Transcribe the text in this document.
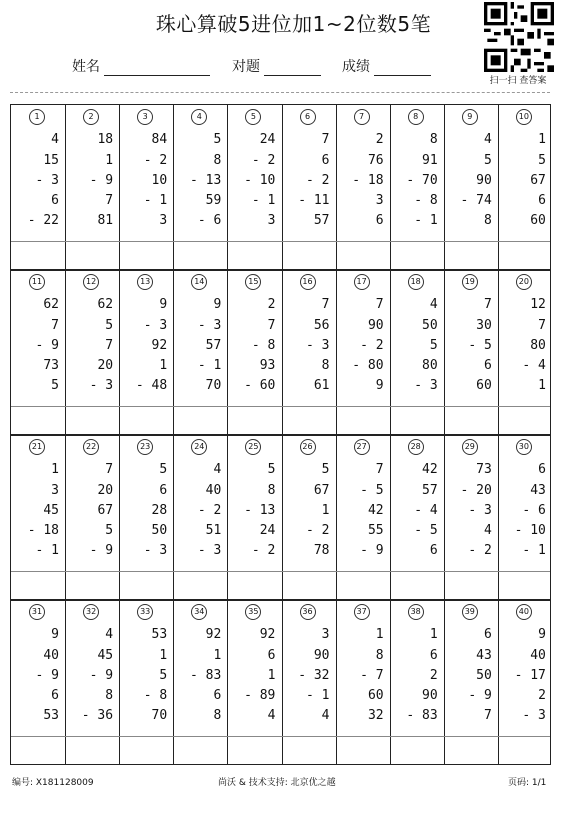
珠心算破5进位加1~2位数5笔
扫一扫 查答案
姓名	对题	成绩
1
4
15
- 3
6
- 22
2
18
1
- 9
7
81
3
84
- 2
10
- 1
3
4
5
8
- 13
59
- 6
5
24
- 2
- 10
- 1
3
6
7
6
- 2
- 11
57
7
2
76
- 18
3
6
8
8
91
- 70
- 8
- 1
9
4
5
90
- 74
8
10
1
5
67
6
60
11
62
7
- 9
73
5
12
62
5
7
20
- 3
13
9
- 3
92
1
- 48
14
9
- 3
57
- 1
70
15
2
7
- 8
93
- 60
16
7
56
- 3
8
61
17
7
90
- 2
- 80
9
18
4
50
5
80
- 3
19
7
30
- 5
6
60
20
12
7
80
- 4
1
21
1
3
45
- 18
- 1
22
7
20
67
5
- 9
23
5
6
28
50
- 3
24
4
40
- 2
51
- 3
25
5
8
- 13
24
- 2
26
5
67
1
- 2
78
27
7
- 5
42
55
- 9
28
42
57
- 4
- 5
6
29
73
- 20
- 3
4
- 2
30
6
43
- 6
- 10
- 1
31
9
40
- 9
6
53
32
4
45
- 9
8
- 36
33
53
1
5
- 8
70
34
92
1
- 83
6
8
35
92
6
1
- 89
4
36
3
90
- 32
- 1
4
37
1
8
- 7
60
32
38
1
6
2
90
- 83
39
6
43
50
- 9
7
40
9
40
- 17
2
- 3
编号: X181128009	尚沃 & 技术支持: 北京优之越	页码: 1/1
